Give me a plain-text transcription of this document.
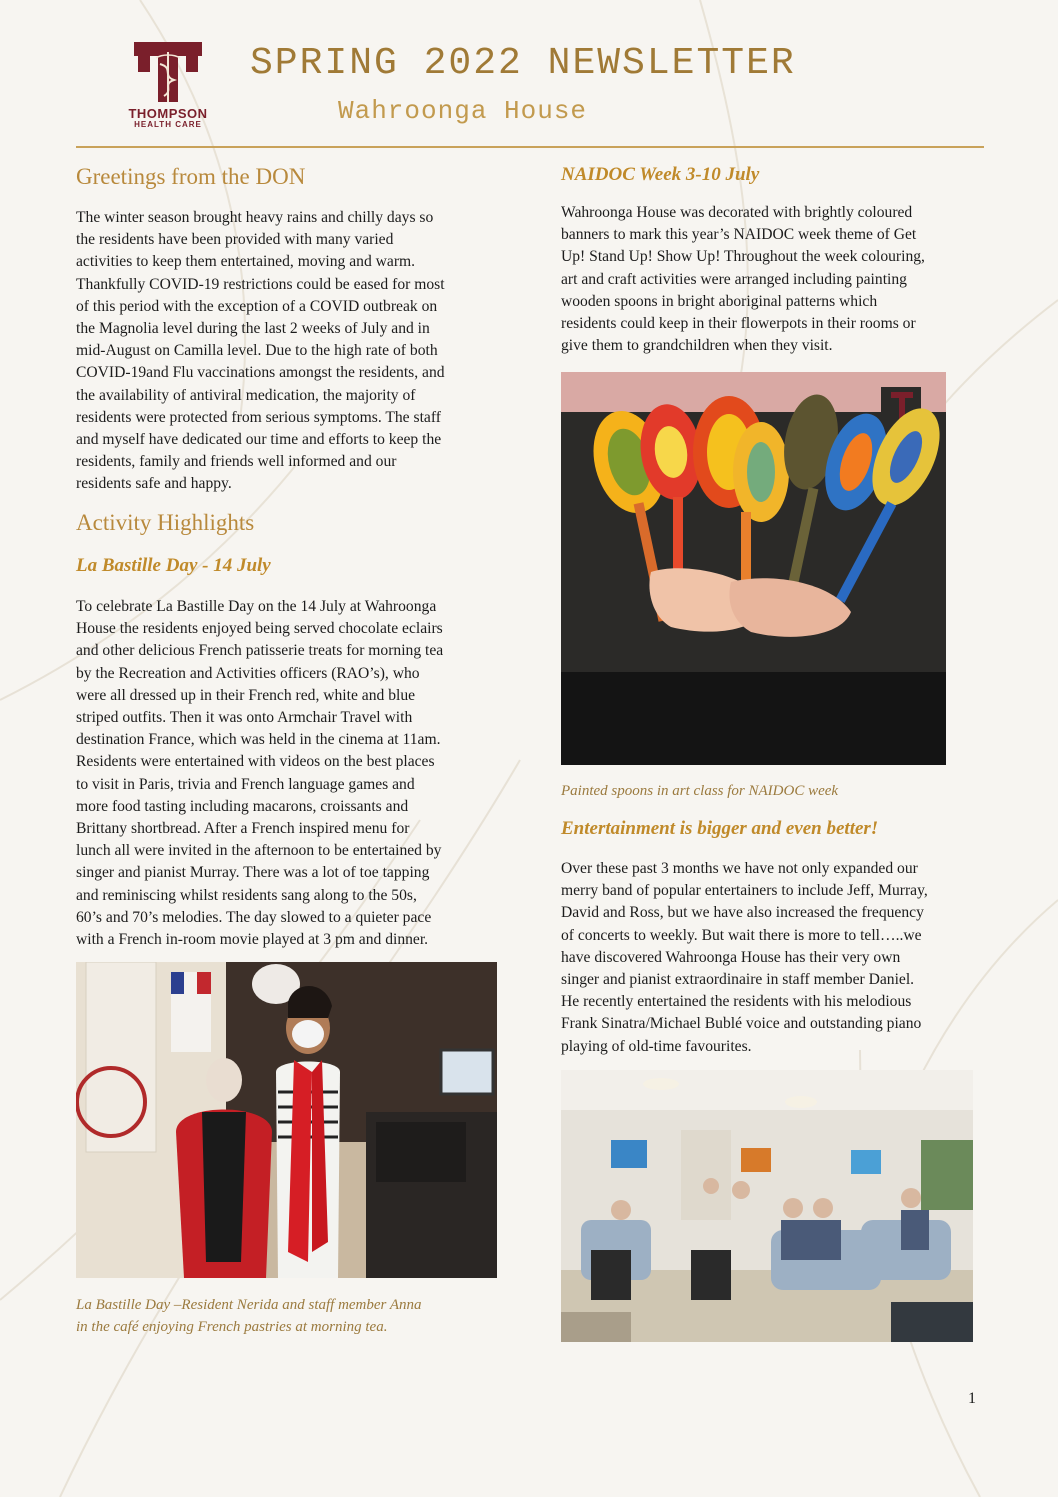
THOMPSON
HEALTH CARE
SPRING 2022 NEWSLETTER
Wahroonga House
Greetings from the DON
The winter season brought heavy rains and chilly days so
the residents have been provided with many varied
activities to keep them entertained, moving and warm.
Thankfully COVID-19 restrictions could be eased for most
of this period with the exception of a COVID outbreak on
the Magnolia level during the last 2 weeks of July and in
mid-August on Camilla level. Due to the high rate of both
COVID-19and Flu vaccinations amongst the residents, and
the availability of antiviral medication, the majority of
residents were protected from serious symptoms. The staff
and myself have dedicated our time and efforts to keep the
residents, family and friends well informed and our
residents safe and happy.
Activity Highlights
La Bastille Day - 14 July
To celebrate La Bastille Day on the 14 July at Wahroonga
House the residents enjoyed being served chocolate eclairs
and other delicious French patisserie treats for morning tea
by the Recreation and Activities officers (RAO’s), who
were all dressed up in their French red, white and blue
striped outfits. Then it was onto Armchair Travel with
destination France, which was held in the cinema at 11am.
Residents were entertained with videos on the best places
to visit in Paris, trivia and French language games and
more food tasting including macarons, croissants and
Brittany shortbread. After a French inspired menu for
lunch all were invited in the afternoon to be entertained by
singer and pianist Murray. There was a lot of toe tapping
and reminiscing whilst residents sang along to the 50s,
60’s and 70’s melodies. The day slowed to a quieter pace
with a French in-room movie played at 3 pm and dinner.
La Bastille Day –Resident Nerida and staff member Anna
in the café enjoying French pastries at morning tea.
NAIDOC Week 3-10 July
Wahroonga House was decorated with brightly coloured
banners to mark this year’s NAIDOC week theme of Get
Up! Stand Up! Show Up! Throughout the week colouring,
art and craft activities were arranged including painting
wooden spoons in bright aboriginal patterns which
residents could keep in their flowerpots in their rooms or
give them to grandchildren when they visit.
Painted spoons in art class for NAIDOC week
Entertainment is bigger and even better!
Over these past 3 months we have not only expanded our
merry band of popular entertainers to include Jeff, Murray,
David and Ross, but we have also increased the frequency
of concerts to weekly. But wait there is more to tell…..we
have discovered Wahroonga House has their very own
singer and pianist extraordinaire in staff member Daniel.
He recently entertained the residents with his melodious
Frank Sinatra/Michael Bublé voice and outstanding piano
playing of old-time favourites.
1
